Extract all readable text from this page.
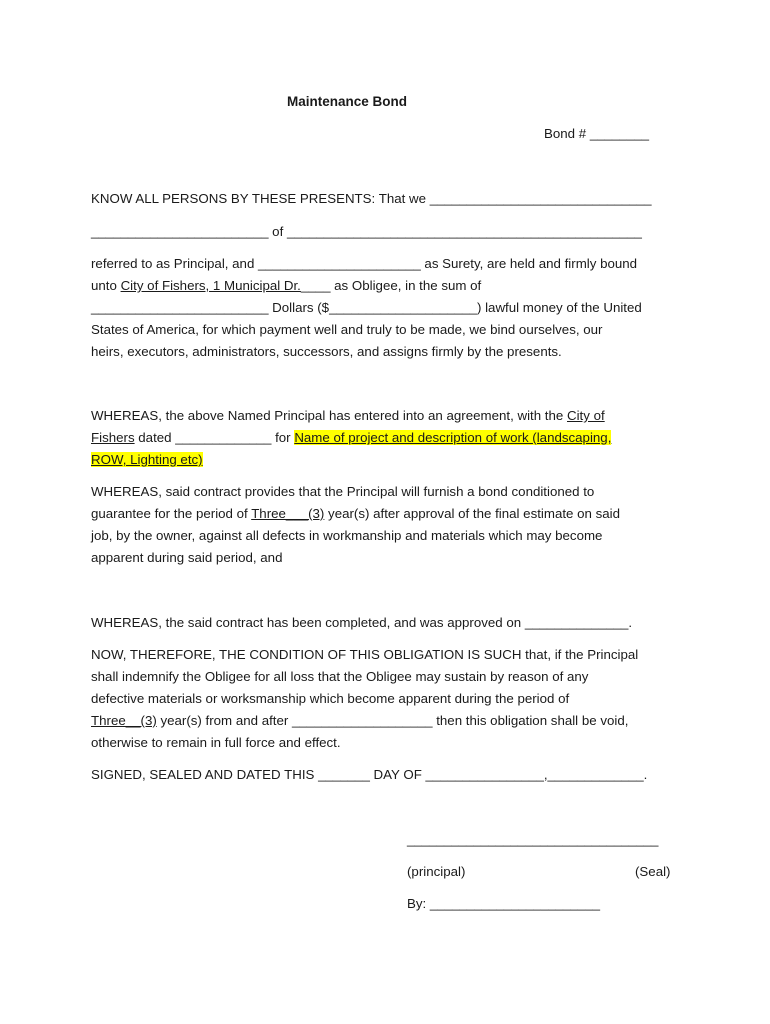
Maintenance Bond
Bond # ________
KNOW ALL PERSONS BY THESE PRESENTS: That we ______________________________
________________________ of ________________________________________________
referred to as Principal, and ______________________ as Surety, are held and firmly bound
unto City of Fishers, 1 Municipal Dr.____ as Obligee, in the sum of
________________________ Dollars ($____________________) lawful money of the United
States of America, for which payment well and truly to be made, we bind ourselves, our
heirs, executors, administrators, successors, and assigns firmly by the presents.
WHEREAS, the above Named Principal has entered into an agreement, with the City of
Fishers dated _____________ for Name of project and description of work (landscaping,
ROW, Lighting etc)
WHEREAS, said contract provides that the Principal will furnish a bond conditioned to
guarantee for the period of Three___(3) year(s) after approval of the final estimate on said
job, by the owner, against all defects in workmanship and materials which may become
apparent during said period, and
WHEREAS, the said contract has been completed, and was approved on ______________.
NOW, THEREFORE, THE CONDITION OF THIS OBLIGATION IS SUCH that, if the Principal
shall indemnify the Obligee for all loss that the Obligee may sustain by reason of any
defective materials or worksmanship which become apparent during the period of
Three__(3) year(s) from and after ___________________ then this obligation shall be void,
otherwise to remain in full force and effect.
SIGNED, SEALED AND DATED THIS _______ DAY OF ________________,_____________.
__________________________________
(principal)	(Seal)
By: _______________________
